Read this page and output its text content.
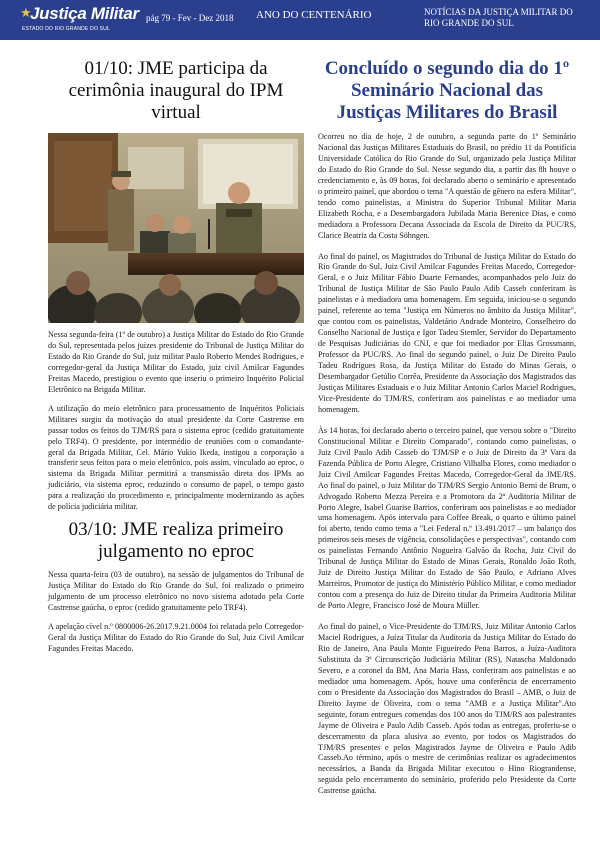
★
Justiça Militar
ESTADO DO RIO GRANDE DO SUL
pág 79 - Fev - Dez 2018 ANO DO CENTENÁRIO	NOTÍCIAS DA JUSTIÇA MILITAR DO RIO GRANDE DO SUL
01/10: JME participa da cerimônia inaugural do IPM virtual

Nessa segunda-feira (1º de outubro) a Justiça Militar do Estado do Rio Grande do Sul, representada pelos juízes presidente do Tribunal de Justiça Militar do Estado do Rio Grande do Sul, juiz militar Paulo Roberto Mendes Rodrigues, e corregedor-geral da Justiça Militar do Estado, juiz civil Amilcar Fagundes Freitas Macedo, prestigiou o evento que inseriu o primeiro Inquérito Policial Eletrônico na Brigada Militar.

A utilização do meio eletrônico para processamento de Inquéritos Policiais Militares surgiu da motivação do atual presidente da Corte Castrense em passar todos os feitos do TJM/RS para o sistema eproc (cedido gratuitamente pelo TRF4). O presidente, por intermédio de reuniões com o comandante-geral da Brigada Militar, Cel. Mário Yukio Ikeda, instigou a corporação a transferir seus feitos para o meio eletrônico, pois assim, vinculado ao eproc, o sistema da Brigada Militar permitirá a transmissão direta dos IPMs ao judiciário, via sistema eproc, reduzindo o consumo de papel, o tempo gasto para a realização do procedimento e, principalmente modernizando as ações de polícia judiciária militar.

03/10: JME realiza primeiro julgamento no eproc

Nessa quarta-feira (03 de outubro), na sessão de julgamentos do Tribunal de Justiça Militar do Estado do Rio Grande do Sul, foi realizado o primeiro julgamento de um processo eletrônico no novo sistema adotado pela Corte Castrense gaúcha, o eproc (cedido gratuitamente pelo TRF4).

A apelação cível n.º 0800006-26.2017.9.21.0004 foi relatada pelo Corregedor-Geral da Justiça Militar do Estado do Rio Grande do Sul, Juiz Civil Amilcar Fagundes Freitas Macedo.

Concluído o segundo dia do 1º Seminário Nacional das Justiças Militares do Brasil

Ocorreu no dia de hoje, 2 de outubro, a segunda parte do 1º Seminário Nacional das Justiças Militares Estaduais do Brasil, no prédio 11 da Pontifícia Universidade Católica do Rio Grande do Sul, organizado pela Justiça Militar do Estado do Rio Grande do Sul. Nesse segundo dia, a partir das 8h houve o credenciamento e, às 09 horas, foi declarado aberto o seminário e apresentado o primeiro painel, que abordou o tema "A questão de gênero na esfera Militar", tendo como painelistas, a Ministra do Superior Tribunal Militar Maria Elizabeth Rocha, e a Desembargadora Jubilada Maria Berenice Dias, e como mediadora a Professora Decana Associada da Escola de Direito da PUC/RS, Clarice Beatriz da Costa Söhngen.

Ao final do painel, os Magistrados do Tribunal de Justiça Militar do Estado do Rio Grande do Sul, Juiz Civil Amilcar Fagundes Freitas Macedo, Corregedor-Geral, e o Juiz Militar Fábio Duarte Fernandes, acompanhados pelo Juiz do Tribunal de Justiça Militar de São Paulo Paulo Adib Casseb conferiram às painelistas e à mediadora uma homenagem. Em seguida, iniciou-se o segundo painel, referente ao tema "Justiça em Números no âmbito da Justiça Militar", que contou com os painelistas, Valdetário Andrade Monteiro, Conselheiro do Conselho Nacional de Justiça e Igor Tadeu Stemler, Servidor do Departamento de Pesquisas Judiciárias do CNJ, e que foi mediador por Elias Grossmann, Professor da PUC/RS. Ao final do segundo painel, o Juiz De Direito Paulo Tadeu Rodrigues Rosa, da Justiça Militar do Estado do Minas Gerais, o Desembargador Getúlio Corrêa, Presidente da Associação dos Magistrados das Justiças Militares Estaduais e o Juiz Militar Antonio Carlos Maciel Rodrigues, Vice-Presidente do TJM/RS, conferiram aos painelistas e ao mediador uma homenagem.

Às 14 horas, foi declarado aberto o terceiro painel, que versou sobre o "Direito Constitucional Militar e Direito Comparado", contando como painelistas, o Juiz Civil Paulo Adib Casseb do TJM/SP e o Juiz de Direito da 3ª Vara da Fazenda Pública de Porto Alegre, Cristiano Vilhalba Flores, como mediador o Juiz Civil Amilcar Fagundes Freitas Macedo, Corregedor-Geral da JME/RS. Ao final do painel, o Juiz Militar do TJM/RS Sergio Antonio Berni de Brum, o Advogado Roberto Mezza Pereira e a Promotora da 2ª Auditoria Militar de Porto Alegre, Isabel Guarise Barrios, conferiram aos painelistas e ao mediador uma homenagem. Após intervalo para Coffee Break, o quarto e último painel foi aberto, tendo como tema a "Lei Federal n.º 13.491/2017 – um balanço dos primeiros seis meses de vigência, consolidações e perspectivas", contando com os painelistas Fernando Antônio Nogueira Galvão da Rocha, Juiz Civil do Tribunal de Justiça Militar do Estado de Minas Gerais, Ronaldo João Roth, Juiz de Direito Justiça Militar do Estado de São Paulo, e Adriano Alves Marreiros, Promotor de justiça do Ministério Público Militar, e como mediador contou com a presença do Juiz de Direito titular da Primeira Auditoria Militar de Porto Alegre, Francisco José de Moura Müller.

Ao final do painel, o Vice-Presidente do TJM/RS, Juiz Militar Antonio Carlos Maciel Rodrigues, a Juíza Titular da Auditoria da Justiça Militar do Estado do Rio de Janeiro, Ana Paula Monte Figueiredo Pena Barros, a Juíza-Auditora Substituta da 3ª Circunscrição Judiciária Militar (RS), Natascha Maldonado Severo, e a coronel da BM, Ana Maria Hass, conferiram aos painelistas e ao mediador uma homenagem. Após, houve uma conferência de encerramento com o Presidente da Associação dos Magistrados do Brasil – AMB, o Juiz de Direito Jayme de Oliveira, com o tema "AMB e a Justiça Militar".Ato seguinte, foram entregues comendas dos 100 anos do TJM/RS aos palestrantes Jayme de Oliveira e Paulo Adib Casseb. Após todas as entregas, proferiu-se o descerramento da placa alusiva ao evento, por todos os Magistrados do TJM/RS presentes e pelos Magistrados Jayme de Oliveira e Paulo Adib Casseb.Ao término, após o mestre de cerimônias realizar os agradecimentos necessários, a Banda da Brigada Militar executou o Hino Riograndense, seguida pelo encerramento do seminário, proferido pelo Presidente da Corte Castrense gaúcha.
